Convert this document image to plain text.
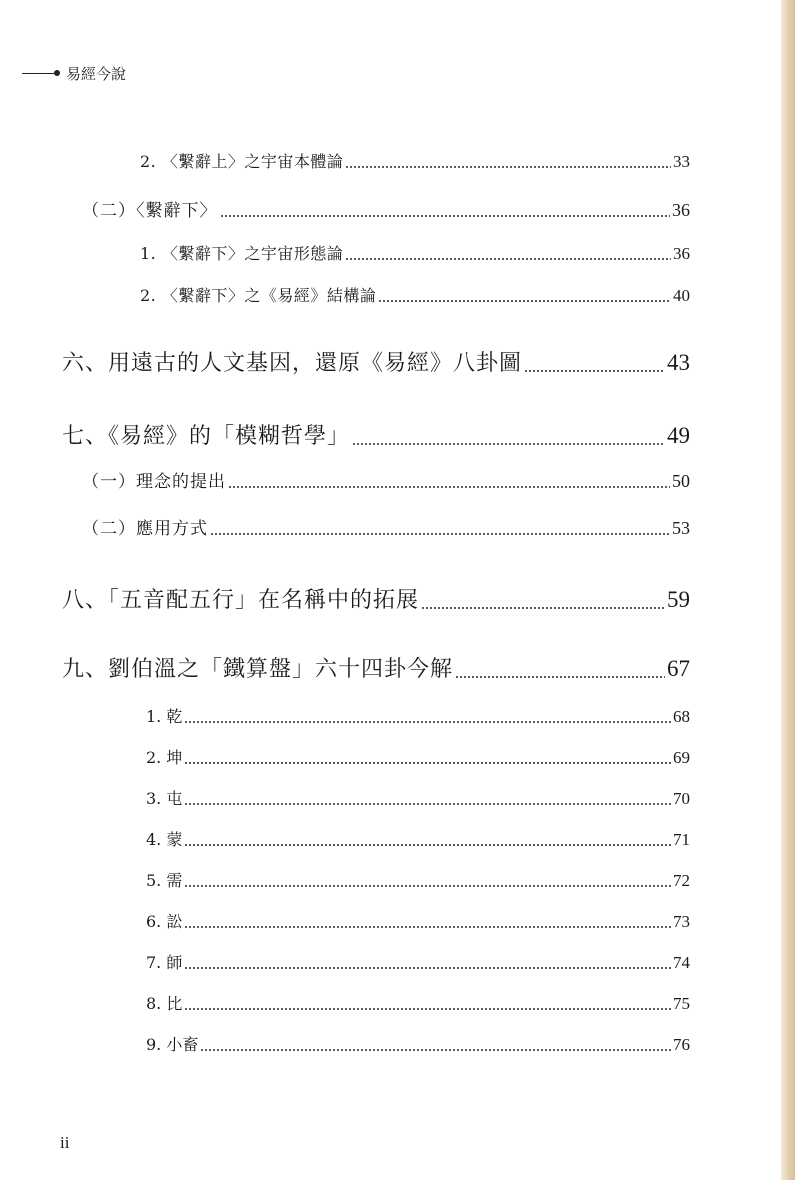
易經今說
2. 〈繫辭上〉之宇宙本體論	33
（二）〈繫辭下〉	36
1. 〈繫辭下〉之宇宙形態論	36
2. 〈繫辭下〉之《易經》結構論	40
六、用遠古的人文基因，還原《易經》八卦圖	43
七、《易經》的「模糊哲學」	49
（一）理念的提出	50
（二）應用方式	53
八、「五音配五行」在名稱中的拓展	59
九、劉伯溫之「鐵算盤」六十四卦今解	67
1. 乾	68
2. 坤	69
3. 屯	70
4. 蒙	71
5. 需	72
6. 訟	73
7. 師	74
8. 比	75
9. 小畜	76
ii
